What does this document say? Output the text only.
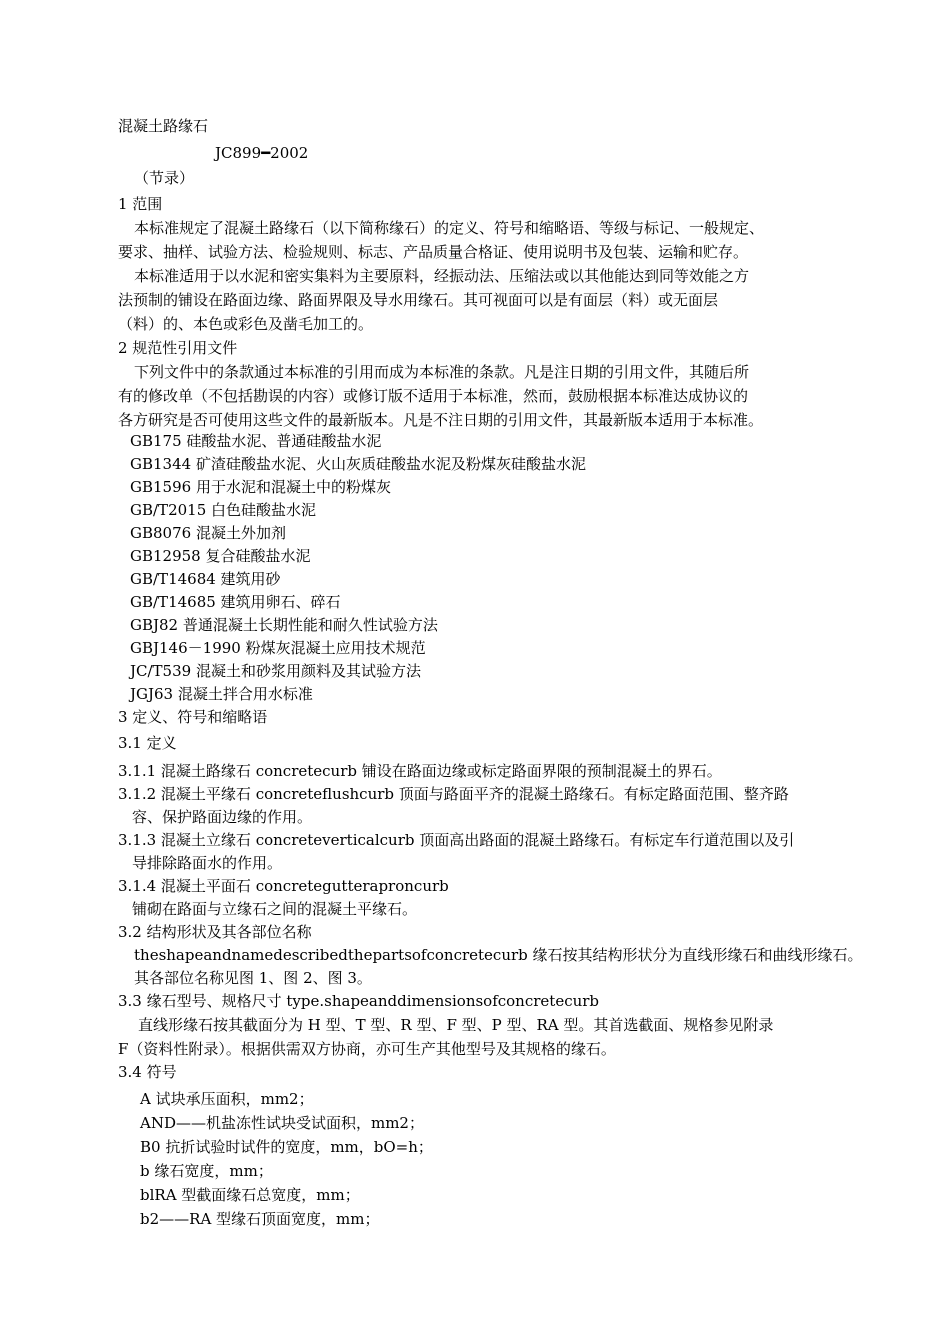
混凝土路缘石
JC899━2002
（节录）
1 范围
本标准规定了混凝土路缘石（以下简称缘石）的定义、符号和缩略语、等级与标记、一般规定、
要求、抽样、试验方法、检验规则、标志、产品质量合格证、使用说明书及包装、运输和贮存。
本标准适用于以水泥和密实集料为主要原料，经振动法、压缩法或以其他能达到同等效能之方
法预制的铺设在路面边缘、路面界限及导水用缘石。其可视面可以是有面层（料）或无面层
（料）的、本色或彩色及凿毛加工的。
2 规范性引用文件
下列文件中的条款通过本标准的引用而成为本标准的条款。凡是注日期的引用文件，其随后所
有的修改单（不包括勘误的内容）或修订版不适用于本标准，然而，鼓励根据本标准达成协议的
各方研究是否可使用这些文件的最新版本。凡是不注日期的引用文件，其最新版本适用于本标准。
GB175 硅酸盐水泥、普通硅酸盐水泥
GB1344 矿渣硅酸盐水泥、火山灰质硅酸盐水泥及粉煤灰硅酸盐水泥
GB1596 用于水泥和混凝土中的粉煤灰
GB/T2015 白色硅酸盐水泥
GB8076 混凝土外加剂
GB12958 复合硅酸盐水泥
GB/T14684 建筑用砂
GB/T14685 建筑用卵石、碎石
GBJ82 普通混凝土长期性能和耐久性试验方法
GBJ146－1990 粉煤灰混凝土应用技术规范
JC/T539 混凝土和砂浆用颜料及其试验方法
JGJ63 混凝土拌合用水标准
3 定义、符号和缩略语
3.1 定义
3.1.1 混凝土路缘石 concretecurb 铺设在路面边缘或标定路面界限的预制混凝土的界石。
3.1.2 混凝土平缘石 concreteflushcurb 顶面与路面平齐的混凝土路缘石。有标定路面范围、整齐路
容、保护路面边缘的作用。
3.1.3 混凝土立缘石 concreteverticalcurb 顶面高出路面的混凝土路缘石。有标定车行道范围以及引
导排除路面水的作用。
3.1.4 混凝土平面石 concretegutteraproncurb
铺砌在路面与立缘石之间的混凝土平缘石。
3.2 结构形状及其各部位名称
theshapeandnamedescribedthepartsofconcretecurb 缘石按其结构形状分为直线形缘石和曲线形缘石。
其各部位名称见图 1、图 2、图 3。
3.3 缘石型号、规格尺寸 type.shapeanddimensionsofconcretecurb
直线形缘石按其截面分为 H 型、T 型、R 型、F 型、P 型、RA 型。其首选截面、规格参见附录
F（资料性附录）。根据供需双方协商，亦可生产其他型号及其规格的缘石。
3.4 符号
A 试块承压面积，mm2；
AND——机盐冻性试块受试面积，mm2；
B0 抗折试验时试件的宽度，mm，bO=h；
b 缘石宽度，mm；
blRA 型截面缘石总宽度，mm；
b2——RA 型缘石顶面宽度，mm；
